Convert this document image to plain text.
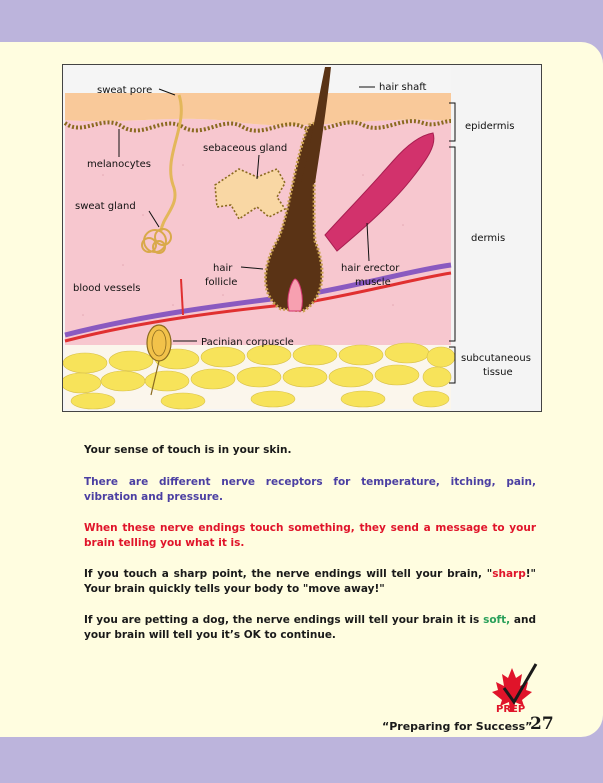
sweat pore	hair shaft
melanocytes
sebaceous gland
sweat gland
hair
follicle
hair erector
muscle
blood vessels
Pacinian corpuscle
epidermis
dermis
subcutaneous
tissue
Your sense of touch is in your skin.
There are different nerve receptors for temperature, itching, pain, vibration and pressure.
When these nerve endings touch something, they send a message to your brain telling you what it is.
If you touch a sharp point, the nerve endings will tell your brain, "sharp!" Your brain quickly tells your body to "move away!"
If you are petting a dog, the nerve endings will tell your brain it is soft, and your brain will tell you it’s OK to continue.
PREP
“Preparing for Success”
27
